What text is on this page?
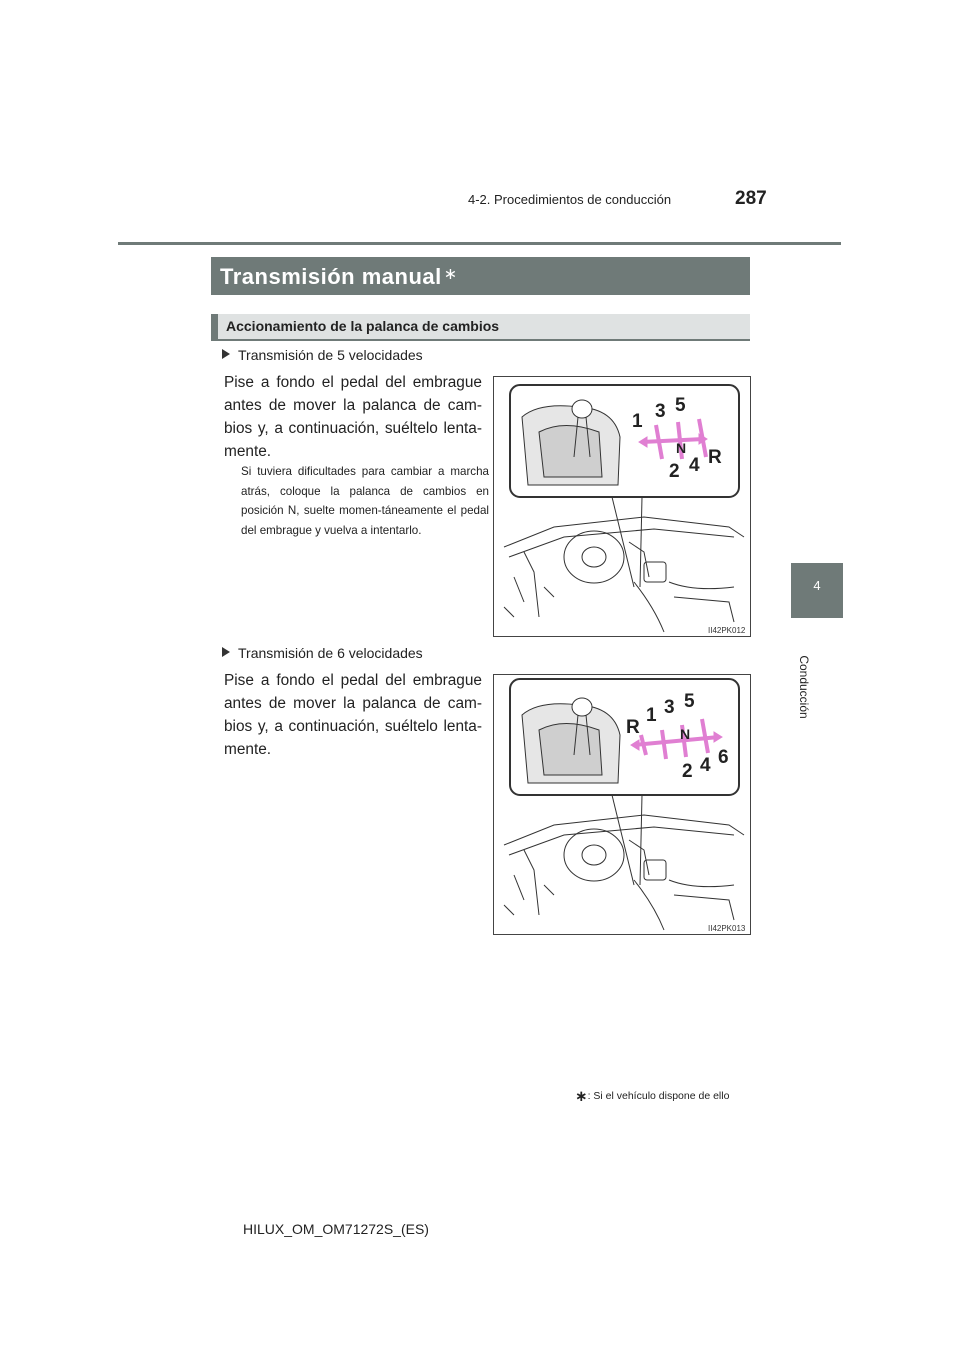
4-2. Procedimientos de conducción	287
4
Conducción
Transmisión manual ∗
Accionamiento de la palanca de cambios
Transmisión de 5 velocidades
Pise a fondo el pedal del embrague antes de mover la palanca de cam-bios y, a continuación, suéltelo lenta-mente.
Si tuviera dificultades para cambiar a marcha atrás, coloque la palanca de cambios en posición N, suelte momen-táneamente el pedal del embrague y vuelva a intentarlo.
1 3 5
N
2 4 R
II42PK012
Transmisión de 6 velocidades
Pise a fondo el pedal del embrague antes de mover la palanca de cam-bios y, a continuación, suéltelo lenta-mente.
R
1 3 5
N
2 4 6
II42PK013
∗: Si el vehículo dispone de ello
HILUX_OM_OM71272S_(ES)
